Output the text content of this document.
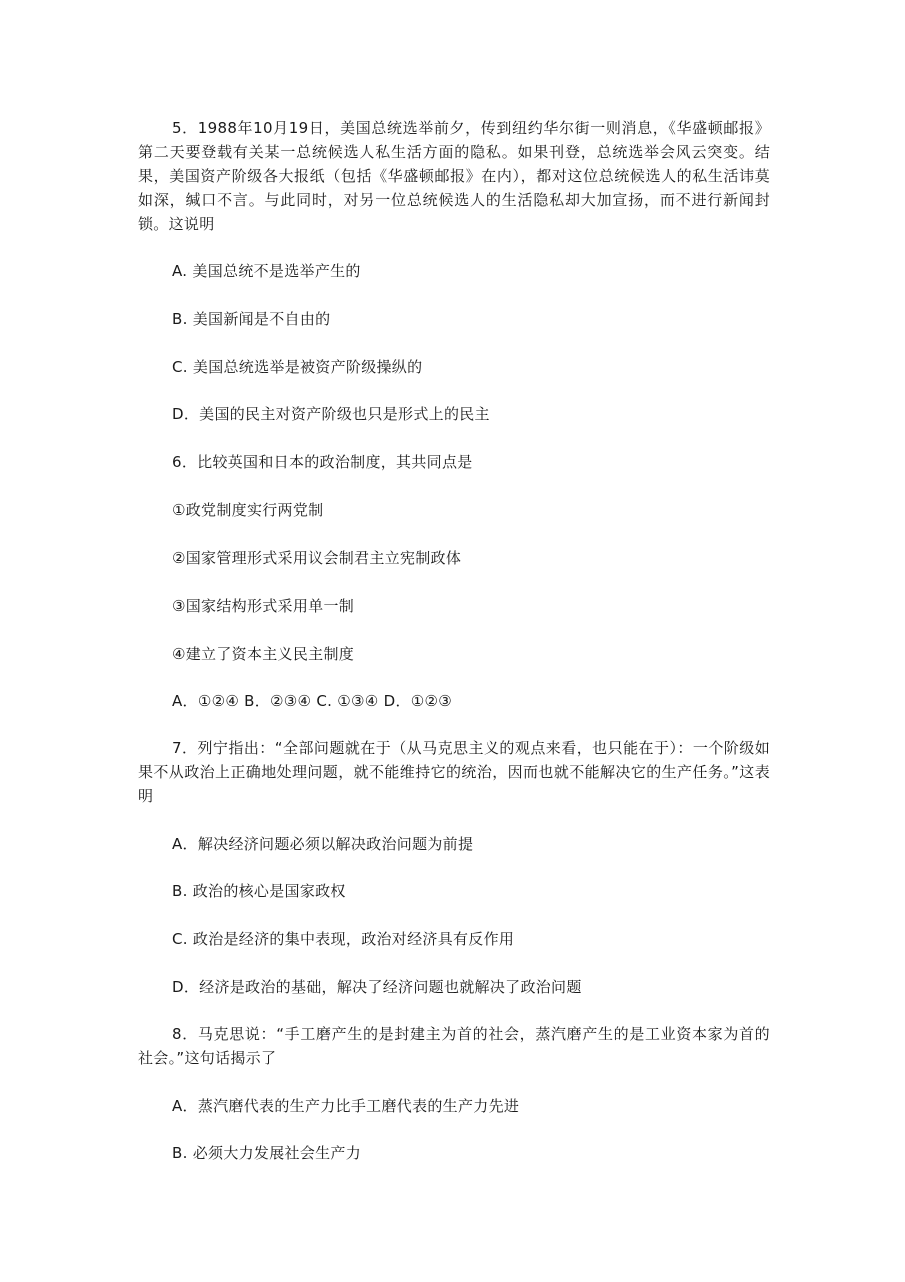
5．1988年10月19日，美国总统选举前夕，传到纽约华尔街一则消息，《华盛顿邮报》第二天要登载有关某一总统候选人私生活方面的隐私。如果刊登，总统选举会风云突变。结果，美国资产阶级各大报纸（包括《华盛顿邮报》在内），都对这位总统候选人的私生活讳莫如深，缄口不言。与此同时，对另一位总统候选人的生活隐私却大加宣扬，而不进行新闻封锁。这说明

A. 美国总统不是选举产生的

B. 美国新闻是不自由的

C. 美国总统选举是被资产阶级操纵的

D．美国的民主对资产阶级也只是形式上的民主

6．比较英国和日本的政治制度，其共同点是

①政党制度实行两党制

②国家管理形式采用议会制君主立宪制政体

③国家结构形式采用单一制

④建立了资本主义民主制度

A．①②④ B．②③④ C. ①③④ D．①②③

7．列宁指出：“全部问题就在于（从马克思主义的观点来看，也只能在于）：一个阶级如果不从政治上正确地处理问题，就不能维持它的统治，因而也就不能解决它的生产任务。”这表明

A．解决经济问题必须以解决政治问题为前提

B. 政治的核心是国家政权

C. 政治是经济的集中表现，政治对经济具有反作用

D．经济是政治的基础，解决了经济问题也就解决了政治问题

8．马克思说：“手工磨产生的是封建主为首的社会，蒸汽磨产生的是工业资本家为首的社会。”这句话揭示了

A．蒸汽磨代表的生产力比手工磨代表的生产力先进

B. 必须大力发展社会生产力
